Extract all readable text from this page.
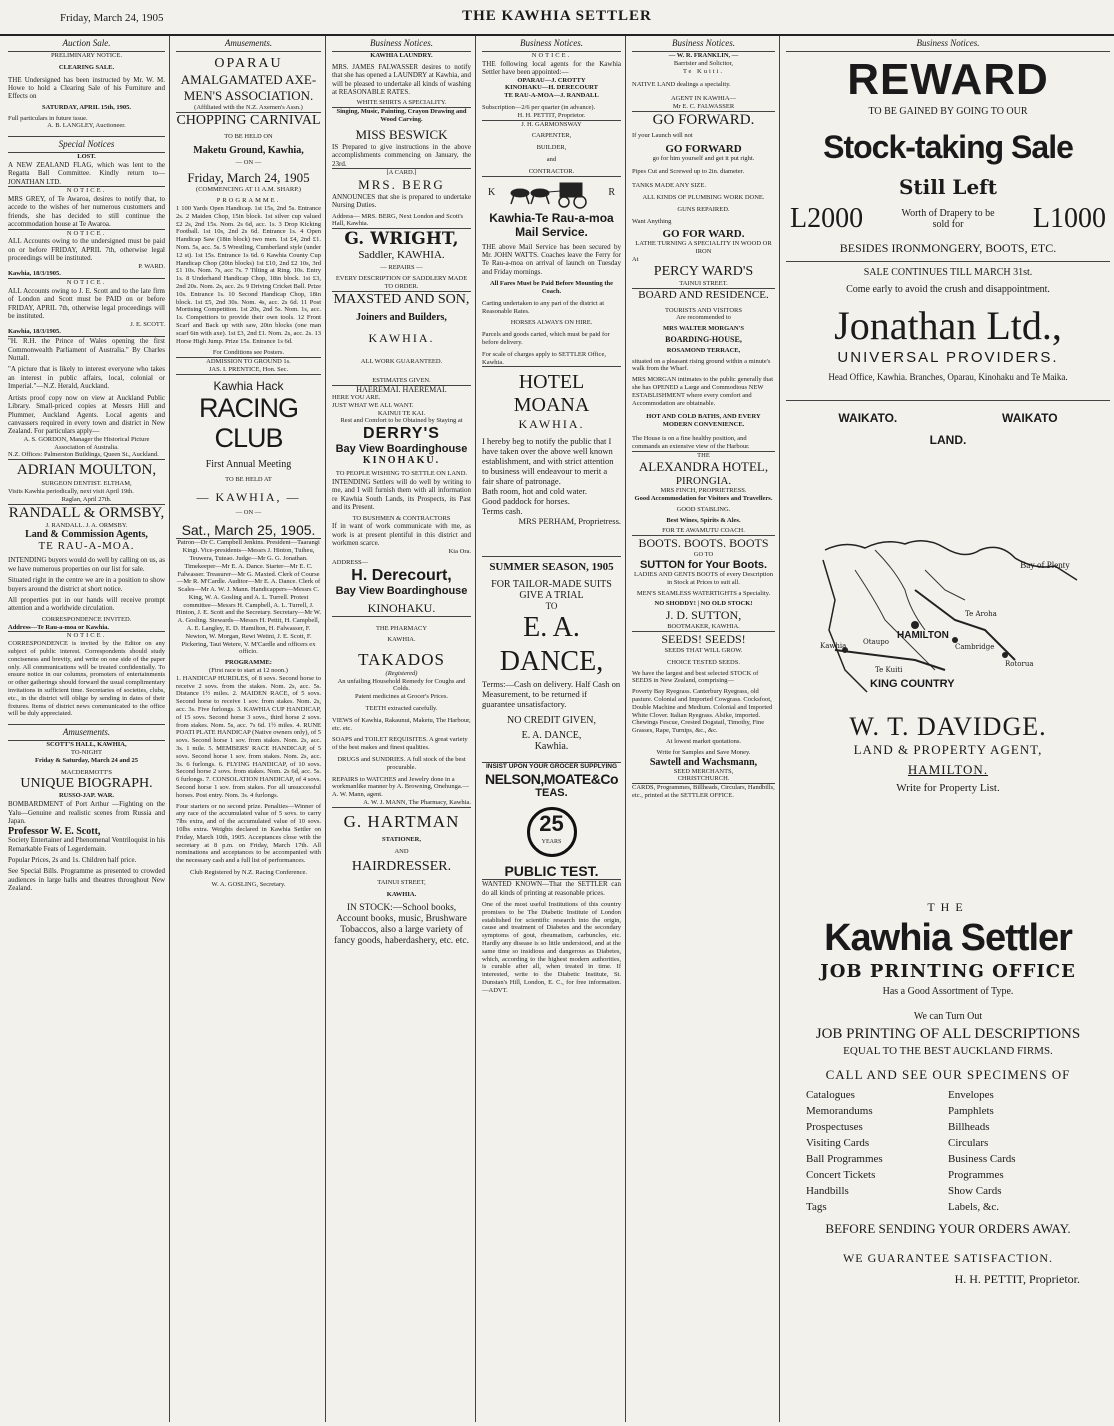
Friday, March 24, 1905	THE KAWHIA SETTLER
Auction Sale.
PRELIMINARY NOTICE.
CLEARING SALE.
THE Undersigned has been instructed by Mr. W. M. Howe to hold a Clearing Sale of his Furniture and Effects on
SATURDAY, APRIL 15th, 1905.
Full particulars in future issue.
A. B. LANGLEY, Auctioneer.
Special Notices
LOST.
A NEW ZEALAND FLAG, which was lent to the Regatta Ball Committee. Kindly return to— JONATHAN LTD.
NOTICE.
MRS GREY, of Te Awaroa, desires to notify that, to accede to the wishes of her numerous customers and friends, she has decided to still continue the accommodation house at Te Awaroa.
NOTICE.
ALL Accounts owing to the undersigned must be paid on or before FRIDAY, APRIL 7th, otherwise legal proceedings will be instituted.
P. WARD.
Kawhia, 18/3/1905.
NOTICE.
ALL Accounts owing to J. E. Scott and to the late firm of London and Scott must be PAID on or before FRIDAY, APRIL 7th, otherwise legal proceedings will be instituted.
J. E. SCOTT.
Kawhia, 18/3/1905.
"H. R.H. the Prince of Wales opening the first Commonwealth Parliament of Australia." By Charles Nuttall.
"A picture that is likely to interest everyone who takes an interest in public affairs, local, colonial or Imperial."—N.Z. Herald, Auckland.
Artists proof copy now on view at Auckland Public Library. Small-priced copies at Messrs Hill and Plummer, Auckland Agents. Local agents and canvassers required in every town and district in New Zealand. For particulars apply—
A. S. GORDON, Manager the Historical Picture Association of Australia.
N.Z. Offices: Palmerston Buildings, Queen St., Auckland.
ADRIAN MOULTON,
SURGEON DENTIST. ELTHAM,
Visits Kawhia periodically, next visit April 19th.
Raglan, April 27th.
RANDALL & ORMSBY,
J. RANDALL. J. A. ORMSBY.
Land & Commission Agents,
TE RAU-A-MOA.
INTENDING buyers would do well by calling on us, as we have numerous properties on our list for sale.
Situated right in the centre we are in a position to show buyers around the district at short notice.
All properties put in our hands will receive prompt attention and a worldwide circulation.
CORRESPONDENCE INVITED.
Address—Te Rau-a-moa or Kawhia.
NOTICE.
CORRESPONDENCE is invited by the Editor on any subject of public interest. Correspondents should study conciseness and brevity, and write on one side of the paper only. All communications will be treated confidentially. To ensure notice in our columns, promoters of entertainments or other gatherings should forward the usual complimentary invitations in sufficient time. Secretaries of societies, clubs, etc., in the district will oblige by sending in dates of their fixtures. Items of district news communicated to the office will be duly appreciated.
Amusements.
SCOTT'S HALL, KAWHIA,
TO-NIGHT
Friday & Saturday, March 24 and 25
MACDERMOTT'S
UNIQUE BIOGRAPH.
RUSSO-JAP. WAR.
BOMBARDMENT of Port Arthur —Fighting on the Yalu—Genuine and realistic scenes from Russia and Japan.
Professor W. E. Scott,
Society Entertainer and Phenomenal Ventriloquist in his Remarkable Feats of Legerdemain.
Popular Prices, 2s and 1s. Children half price.
See Special Bills. Programme as presented to crowded audiences in large halls and theatres throughout New Zealand.
Amusements.
OPARAU
AMALGAMATED AXE-MEN'S ASSOCIATION.
(Affiliated with the N.Z. Axemen's Assn.)
CHOPPING CARNIVAL
TO BE HELD ON
Maketu Ground, Kawhia,
— ON —
Friday, March 24, 1905
(COMMENCING AT 11 A.M. SHARP.)
PROGRAMME.
1 100 Yards Open Handicap. 1st 15s, 2nd 5s. Entrance 2s. 2 Maiden Chop, 15in block. 1st silver cup valued £2 2s, 2nd 15s. Nom. 2s 6d, acc. 1s. 3 Drop Kicking Football. 1st 10s, 2nd 2s 6d. Entrance 1s. 4 Open Handicap Saw (18in block) two men. 1st £4, 2nd £1. Nom. 5s, acc. 5s. 5 Wrestling, Cumberland style (under 12 st). 1st 15s. Entrance 1s 6d. 6 Kawhia County Cup Handicap Chop (20in blocks) 1st £10, 2nd £2 10s, 3rd £1 10s. Nom. 7s, acc 7s. 7 Tilting at Ring. 10s. Entry 1s. 8 Underhand Handicap Chop, 18in block. 1st £3, 2nd 20s. Nom. 2s, acc. 2s. 9 Driving Cricket Ball. Prize 10s. Entrance 1s. 10 Second Handicap Chop, 18in block. 1st £5, 2nd 30s. Nom. 4s, acc. 2s 6d. 11 Post Mortising Competition. 1st 20s, 2nd 5s. Nom. 1s, acc. 1s. Competitors to provide their own tools. 12 Front Scarf and Back up with saw, 20in blocks (one man scarf 6in with axe). 1st £3, 2nd £1. Nom. 2s, acc. 2s. 13 Horse High Jump. Prize 15s. Entrance 1s 6d.
For Conditions see Posters.
ADMISSION TO GROUND 1s.
JAS. I. PRENTICE, Hon. Sec.
Kawhia Hack
RACING CLUB
First Annual Meeting
TO BE HELD AT
— KAWHIA, —
— ON —
Sat., March 25, 1905.
Patron—Dr C. Campbell Jenkins. President—Taarangi Kingi. Vice-presidents—Messrs J. Hinton, Tuiheu, Teuwera, Tuteao. Judge—Mr G. G. Jonathan. Timekeeper—Mr E. A. Dance. Starter—Mr E. C. Falwasser. Treasurer—Mr G. Maxted. Clerk of Course—Mr R. M'Cardle. Auditor—Mr E. A. Dance. Clerk of Scales—Mr A. W. J. Mann. Handicappers—Messrs C. King, W. A. Gosling and A. L. Turrell. Protest committee—Messrs H. Campbell, A. L. Turrell, J. Hinton, J. E. Scott and the Secretary. Secretary—Mr W. A. Gosling. Stewards—Messrs H. Pettit, H. Campbell, A. E. Langley, E. D. Hamilton, H. Falwasser, F. Newton, W. Morgan, Rewi Wetini, J. E. Scott, F. Pickering, Taui Wetere, V. M'Cardle and officers ex officio.
PROGRAMME:
(First race to start at 12 noon.)
1. HANDICAP HURDLES, of 8 sovs. Second horse to receive 2 sovs. from the stakes. Nom. 2s, acc. 5s. Distance 1½ miles. 2. MAIDEN RACE, of 5 sovs. Second horse to receive 1 sov. from stakes. Nom. 2s, acc. 3s. Five furlongs. 3. KAWHIA CUP HANDICAP, of 15 sovs. Second horse 3 sovs., third horse 2 sovs. from stakes. Nom. 5s, acc. 7s 6d. 1½ miles. 4. RUNE POATI PLATE HANDICAP (Native owners only), of 5 sovs. Second horse 1 sov. from stakes. Nom. 2s, acc. 3s. 1 mile. 5. MEMBERS' RACE HANDICAP, of 5 sovs. Second horse 1 sov. from stakes. Nom. 2s, acc. 3s. 6 furlongs. 6. FLYING HANDICAP, of 10 sovs. Second horse 2 sovs. from stakes. Nom. 2s 6d, acc. 5s. 6 furlongs. 7. CONSOLATION HANDICAP, of 4 sovs. Second horse 1 sov. from stakes. For all unsuccessful horses. Post entry. Nom. 3s. 4 furlongs.
Four starters or no second prize. Penalties—Winner of any race of the accumulated value of 5 sovs. to carry 7lbs extra, and of the accumulated value of 10 sovs. 10lbs extra. Weights declared in Kawhia Settler on Friday, March 10th, 1905. Acceptances close with the secretary at 8 p.m. on Friday, March 17th. All nominations and acceptances to be accompanied with the necessary cash and a full list of performances.
Club Registered by N.Z. Racing Conference.
W. A. GOSLING, Secretary.
Business Notices.
KAWHIA LAUNDRY.
MRS. JAMES FALWASSER desires to notify that she has opened a LAUNDRY at Kawhia, and will be pleased to undertake all kinds of washing at REASONABLE RATES.
WHITE SHIRTS A SPECIALITY.
Singing, Music, Painting, Crayon Drawing and Wood Carving.
MISS BESWICK
IS Prepared to give instructions in the above accomplishments commencing on January, the 23rd.
[A CARD.]
MRS. BERG
ANNOUNCES that she is prepared to undertake Nursing Duties.
Address— MRS. BERG, Next London and Scott's Hall, Kawhia.
G. WRIGHT,
Saddler, KAWHIA.
— REPAIRS —
EVERY DESCRIPTION OF SADDLERY MADE TO ORDER.
MAXSTED AND SON,
Joiners and Builders,
KAWHIA.
ALL WORK GUARANTEED.
ESTIMATES GIVEN.
HAEREMAI. HAEREMAI.
HERE YOU ARE.
JUST WHAT WE ALL WANT.
KAINUI TE KAI.
Rest and Comfort to be Obtained by Staying at
DERRY'S
Bay View Boardinghouse
KINOHAKU.
TO PEOPLE WISHING TO SETTLE ON LAND.
INTENDING Settlers will do well by writing to me, and I will furnish them with all information re Kawhia South Lands, its Prospects, its Past and its Present.
TO BUSHMEN & CONTRACTORS
If in want of work communicate with me, as work is at present plentiful in this district and workmen scarce.
Kia Ora.
ADDRESS—
H. Derecourt,
Bay View Boardinghouse
KINOHAKU.
THE PHARMACY
KAWHIA.
TAKADOS
(Registered)
An unfailing Household Remedy for Coughs and Colds.
Patent medicines at Grocer's Prices.
TEETH extracted carefully.
VIEWS of Kawhia, Rakaunui, Maketu, The Harbour, etc. etc.
SOAPS and TOILET REQUISITES. A great variety of the best makes and finest qualities.
DRUGS and SUNDRIES. A full stock of the best procurable.
REPAIRS to WATCHES and Jewelry done in a workmanlike manner by A. Browning, Onehunga.—A. W. Mann, agent.
A. W. J. MANN, The Pharmacy, Kawhia.
G. HARTMAN
STATIONER,
AND
HAIRDRESSER.
TAINUI STREET,
KAWHIA.
IN STOCK:—School books, Account books, music, Brushware Tobaccos, also a large variety of fancy goods, haberdashery, etc. etc.
Business Notices.
NOTICE.
THE following local agents for the Kawhia Settler have been appointed:—
OPARAU—J. CROTTY
KINOHAKU—H. DERECOURT
TE RAU-A-MOA—J. RANDALL
Subscription—2/6 per quarter (in advance).
H. H. PETTIT, Proprietor.
J. H. GARMONSWAY
CARPENTER,
BUILDER,
and
CONTRACTOR.
K	R
Kawhia-Te Rau-a-moa
Mail Service.
THE above Mail Service has been secured by Mr. JOHN WATTS. Coaches leave the Ferry for Te Rau-a-moa on arrival of launch on Tuesday and Friday mornings.
All Fares Must be Paid Before Mounting the Coach.
Carting undertaken to any part of the district at Reasonable Rates.
HORSES ALWAYS ON HIRE.
Parcels and goods carted, which must be paid for before delivery.
For scale of charges apply to SETTLER Office, Kawhia.
HOTEL MOANA
KAWHIA.
I hereby beg to notify the public that I have taken over the above well known establishment, and with strict attention to business will endeavour to merit a fair share of patronage.
Bath room, hot and cold water.
Good paddock for horses.
Terms cash.
MRS PERHAM, Proprietress.
SUMMER SEASON, 1905
FOR TAILOR-MADE SUITS GIVE A TRIAL
TO
E. A. DANCE,
Terms:—Cash on delivery. Half Cash on Measurement, to be returned if guarantee unsatisfactory.
NO CREDIT GIVEN,
E. A. DANCE,
Kawhia.
INSIST UPON YOUR GROCER SUPPLYING
NELSON,MOATE&Co
TEAS.
25
YEARS
PUBLIC TEST.
WANTED KNOWN—That the SETTLER can do all kinds of printing at reasonable prices.
One of the most useful Institutions of this country promises to be The Diabetic Institute of London established for scientific research into the origin, cause and treatment of Diabetes and the secondary symptoms of gout, rheumatism, carbuncles, etc. Hardly any disease is so little understood, and at the same time so insidious and dangerous as Diabetes, which, according to the highest modern authorities, is curable after all, when treated in time. If interested, write to the Diabetic Institute, St. Dunstan's Hill, London, E. C., for free information.—ADVT.
Business Notices.
— W. R. FRANKLIN, —
Barrister and Solicitor,
Te Kuiti.
NATIVE LAND dealings a speciality.
AGENT IN KAWHIA—
Mr E. C. FALWASSER
GO FORWARD.
If your Launch will not
GO FORWARD
go for him yourself and get it put right.
Pipes Cut and Screwed up to 2in. diameter.
TANKS MADE ANY SIZE.
ALL KINDS OF PLUMBING WORK DONE.
GUNS REPAIRED.
Want Anything
GO FOR WARD.
LATHE TURNING A SPECIALITY IN WOOD OR IRON
At
PERCY WARD'S
TAINUI STREET.
BOARD AND RESIDENCE.
TOURISTS AND VISITORS
Are recommended to
MRS WALTER MORGAN'S
BOARDING-HOUSE,
ROSAMOND TERRACE,
situated on a pleasant rising ground within a minute's walk from the Wharf.
MRS MORGAN intimates to the public generally that she has OPENED a Large and Commodious NEW ESTABLISHMENT where every comfort and Accommodation are obtainable.
HOT AND COLD BATHS, AND EVERY MODERN CONVENIENCE.
The House is on a fine healthy position, and commands an extensive view of the Harbour.
THE
ALEXANDRA HOTEL,
PIRONGIA.
MRS FINCH, PROPRIETRESS.
Good Accommodation for Visitors and Travellers.
GOOD STABLING.
Best Wines, Spirits & Ales.
FOR TE AWAMUTU COACH.
BOOTS. BOOTS. BOOTS
GO TO
SUTTON for Your Boots.
LADIES AND GENTS BOOTS of every Description in Stock at Prices to suit all.
MEN'S SEAMLESS WATERTIGHTS a Speciality.
NO SHODDY! | NO OLD STOCK!
J. D. SUTTON,
BOOTMAKER, KAWHIA.
SEEDS! SEEDS!
SEEDS THAT WILL GROW.
CHOICE TESTED SEEDS.
We have the largest and best selected STOCK of SEEDS in New Zealand, comprising—
Poverty Bay Ryegrass. Canterbury Ryegrass, old pasture. Colonial and Imported Cowgrass. Cocksfoot, Double Machine and Medium. Colonial and Imported White Clover. Italian Ryegrass. Alsike, imported. Chewings Fescue, Crested Dogstail, Timothy, Fine Grasses, Rape, Turnips, &c., &c.
At lowest market quotations.
Write for Samples and Save Money.
Sawtell and Wachsmann,
SEED MERCHANTS,
CHRISTCHURCH.
CARDS, Programmes, Billheads, Circulars, Handbills, etc., printed at the SETTLER OFFICE.
Business Notices.
REWARD
TO BE GAINED BY GOING TO OUR
Stock-taking Sale
Still Left
L2000	Worth of Drapery to be sold for	L1000
BESIDES IRONMONGERY, BOOTS, ETC.
SALE CONTINUES TILL MARCH 31st.
Come early to avoid the crush and disappointment.
Jonathan Ltd.,
UNIVERSAL PROVIDERS.
Head Office, Kawhia. Branches, Oparau, Kinohaku and Te Maika.
WAIKATO.	WAIKATO
LAND.
Bay of Plenty
HAMILTON
KING COUNTRY
Te Kuiti
Rotorua
Cambridge
Otaupo
Te Aroha
Kawhia
W. T. DAVIDGE.
LAND & PROPERTY AGENT,
HAMILTON.
Write for Property List.
THE
Kawhia Settler
JOB PRINTING OFFICE
Has a Good Assortment of Type.
We can Turn Out
JOB PRINTING OF ALL DESCRIPTIONS
EQUAL TO THE BEST AUCKLAND FIRMS.
CALL AND SEE OUR SPECIMENS OF
Catalogues	Envelopes
Memorandums	Pamphlets
Prospectuses	Billheads
Visiting Cards	Circulars
Ball Programmes	Business Cards
Concert Tickets	Programmes
Handbills	Show Cards
Tags	Labels, &c.
BEFORE SENDING YOUR ORDERS AWAY.
WE GUARANTEE SATISFACTION.
H. H. PETTIT, Proprietor.
